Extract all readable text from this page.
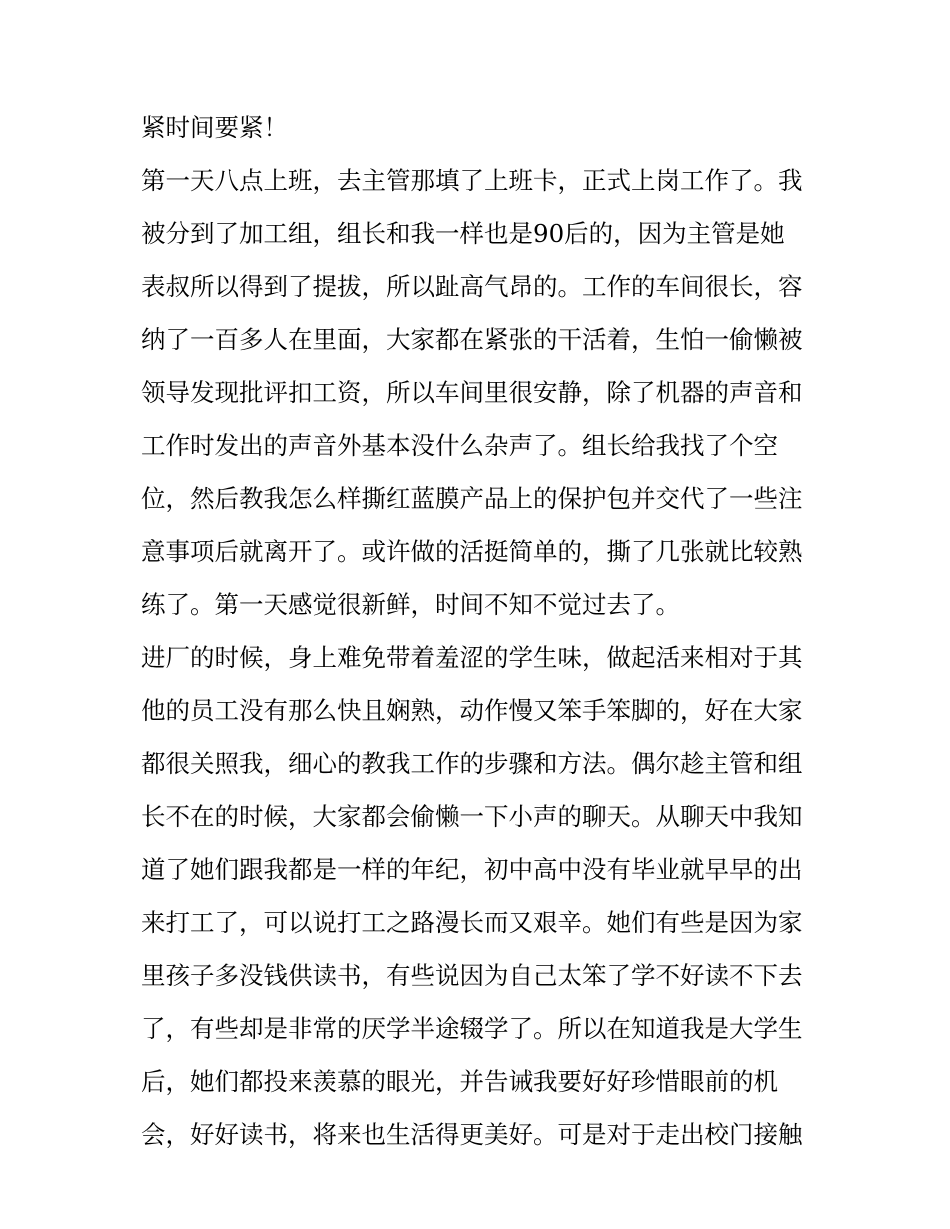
紧时间要紧！
第一天八点上班，去主管那填了上班卡，正式上岗工作了。我
被分到了加工组，组长和我一样也是90后的，因为主管是她
表叔所以得到了提拔，所以趾高气昂的。工作的车间很长，容
纳了一百多人在里面，大家都在紧张的干活着，生怕一偷懒被
领导发现批评扣工资，所以车间里很安静，除了机器的声音和
工作时发出的声音外基本没什么杂声了。组长给我找了个空
位，然后教我怎么样撕红蓝膜产品上的保护包并交代了一些注
意事项后就离开了。或许做的活挺简单的，撕了几张就比较熟
练了。第一天感觉很新鲜，时间不知不觉过去了。
进厂的时候，身上难免带着羞涩的学生味，做起活来相对于其
他的员工没有那么快且娴熟，动作慢又笨手笨脚的，好在大家
都很关照我，细心的教我工作的步骤和方法。偶尔趁主管和组
长不在的时候，大家都会偷懒一下小声的聊天。从聊天中我知
道了她们跟我都是一样的年纪，初中高中没有毕业就早早的出
来打工了，可以说打工之路漫长而又艰辛。她们有些是因为家
里孩子多没钱供读书，有些说因为自己太笨了学不好读不下去
了，有些却是非常的厌学半途辍学了。所以在知道我是大学生
后，她们都投来羡慕的眼光，并告诫我要好好珍惜眼前的机
会，好好读书，将来也生活得更美好。可是对于走出校门接触
